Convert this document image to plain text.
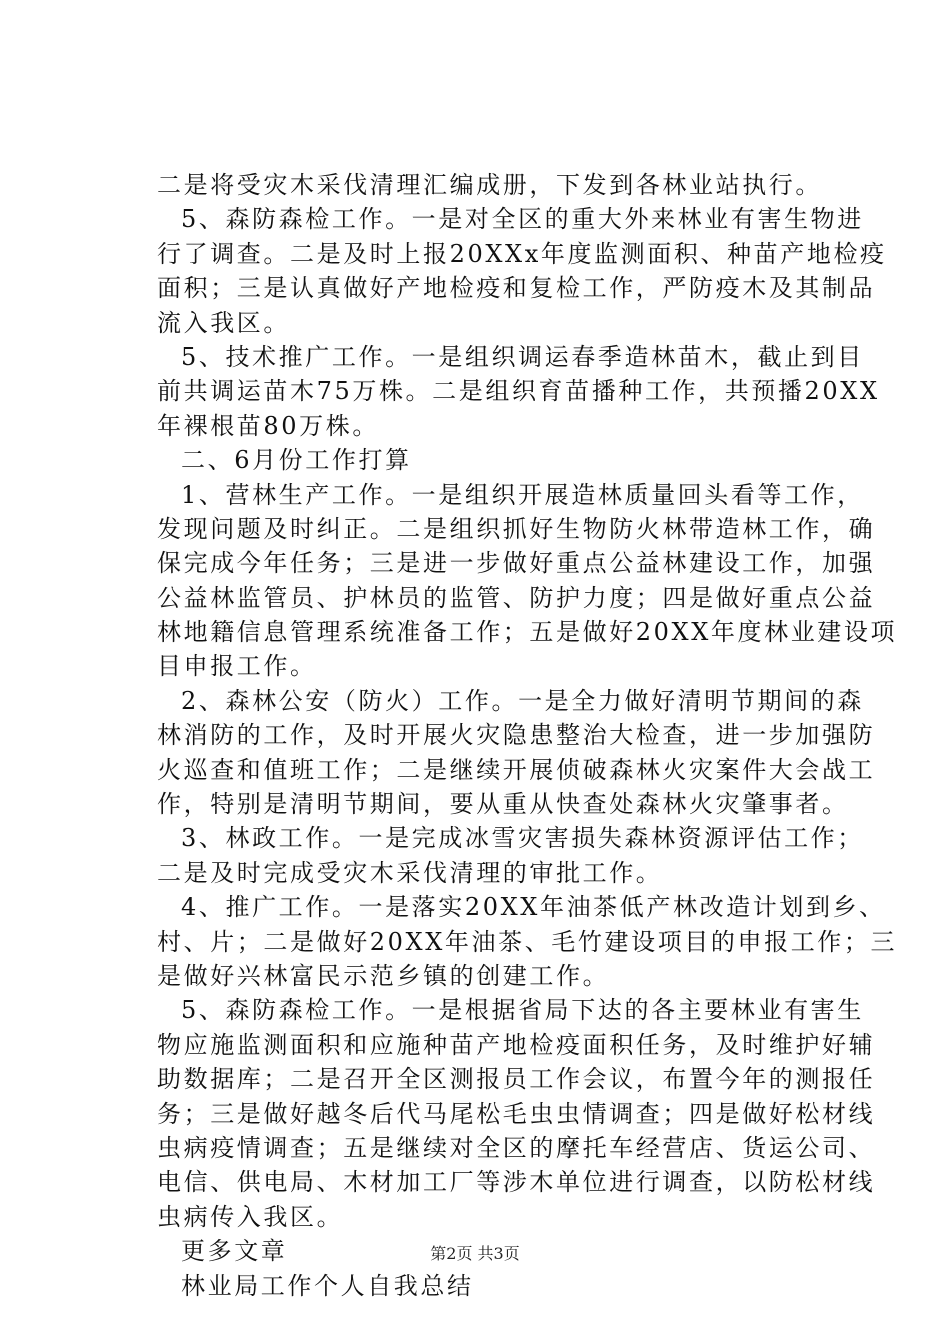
二是将受灾木采伐清理汇编成册，下发到各林业站执行。
5、森防森检工作。一是对全区的重大外来林业有害生物进
行了调查。二是及时上报20XXx年度监测面积、种苗产地检疫
面积；三是认真做好产地检疫和复检工作，严防疫木及其制品
流入我区。
5、技术推广工作。一是组织调运春季造林苗木，截止到目
前共调运苗木75万株。二是组织育苗播种工作，共预播20XX
年裸根苗80万株。
二、6月份工作打算
1、营林生产工作。一是组织开展造林质量回头看等工作，
发现问题及时纠正。二是组织抓好生物防火林带造林工作，确
保完成今年任务；三是进一步做好重点公益林建设工作，加强
公益林监管员、护林员的监管、防护力度；四是做好重点公益
林地籍信息管理系统准备工作；五是做好20XX年度林业建设项
目申报工作。
2、森林公安（防火）工作。一是全力做好清明节期间的森
林消防的工作，及时开展火灾隐患整治大检查，进一步加强防
火巡查和值班工作；二是继续开展侦破森林火灾案件大会战工
作，特别是清明节期间，要从重从快查处森林火灾肇事者。
3、林政工作。一是完成冰雪灾害损失森林资源评估工作；
二是及时完成受灾木采伐清理的审批工作。
4、推广工作。一是落实20XX年油茶低产林改造计划到乡、
村、片；二是做好20XX年油茶、毛竹建设项目的申报工作；三
是做好兴林富民示范乡镇的创建工作。
5、森防森检工作。一是根据省局下达的各主要林业有害生
物应施监测面积和应施种苗产地检疫面积任务，及时维护好辅
助数据库；二是召开全区测报员工作会议，布置今年的测报任
务；三是做好越冬后代马尾松毛虫虫情调查；四是做好松材线
虫病疫情调查；五是继续对全区的摩托车经营店、货运公司、
电信、供电局、木材加工厂等涉木单位进行调查，以防松材线
虫病传入我区。
更多文章
林业局工作个人自我总结
第2页 共3页
